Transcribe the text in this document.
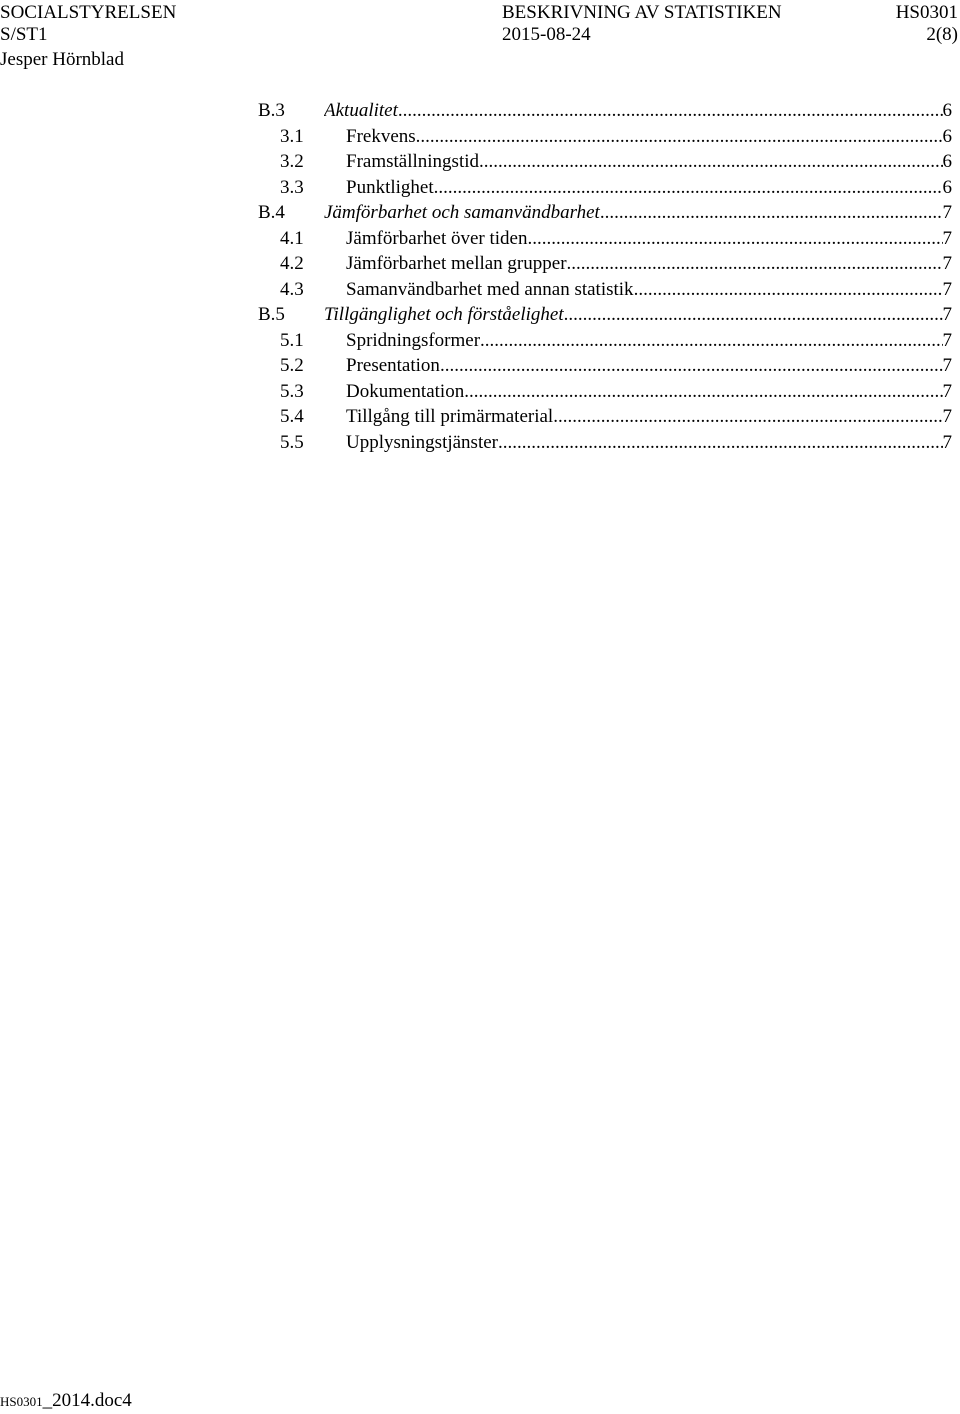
SOCIALSTYRELSEN	BESKRIVNING AV STATISTIKEN	HS0301
S/ST1	2015-08-24	2(8)
Jesper Hörnblad
B.3 Aktualitet .....	6
3.1 Frekvens .....	6
3.2 Framställningstid .....	6
3.3 Punktlighet .....	6
B.4 Jämförbarhet och samanvändbarhet .....	7
4.1 Jämförbarhet över tiden .....	7
4.2 Jämförbarhet mellan grupper .....	7
4.3 Samanvändbarhet med annan statistik .....	7
B.5 Tillgänglighet och förståelighet .....	7
5.1 Spridningsformer .....	7
5.2 Presentation .....	7
5.3 Dokumentation .....	7
5.4 Tillgång till primärmaterial .....	7
5.5 Upplysningstjänster .....	7
HS0301_2014.doc4
